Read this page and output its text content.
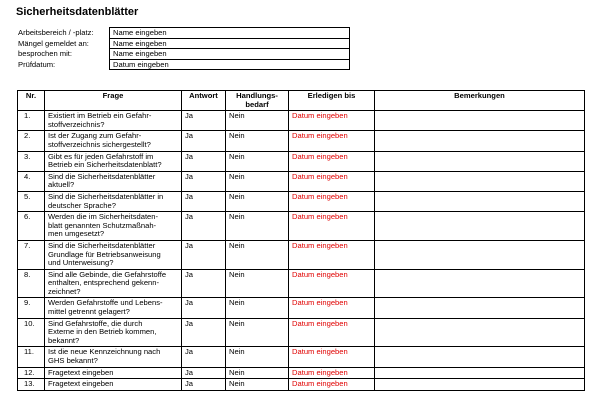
Sicherheitsdatenblätter
Arbeitsbereich / -platz:	Name eingeben
Mängel gemeldet an:	Name eingeben
besprochen mit:	Name eingeben
Prüfdatum:	Datum eingeben
Nr.	Frage	Antwort	Handlungs-
bedarf	Erledigen bis	Bemerkungen
1.	Existiert im Betrieb ein Gefahr-
stoffverzeichnis?	Ja	Nein	Datum eingeben	
2.	Ist der Zugang zum Gefahr-
stoffverzeichnis sichergestellt?	Ja	Nein	Datum eingeben	
3.	Gibt es für jeden Gefahrstoff im
Betrieb ein Sicherheitsdatenblatt?	Ja	Nein	Datum eingeben	
4.	Sind die Sicherheitsdatenblätter
aktuell?	Ja	Nein	Datum eingeben	
5.	Sind die Sicherheitsdatenblätter in
deutscher Sprache?	Ja	Nein	Datum eingeben	
6.	Werden die im Sicherheitsdaten-
blatt genannten Schutzmaßnah-
men umgesetzt?	Ja	Nein	Datum eingeben	
7.	Sind die Sicherheitsdatenblätter
Grundlage für Betriebsanweisung
und Unterweisung?	Ja	Nein	Datum eingeben	
8.	Sind alle Gebinde, die Gefahrstoffe
enthalten, entsprechend gekenn-
zeichnet?	Ja	Nein	Datum eingeben	
9.	Werden Gefahrstoffe und Lebens-
mittel getrennt gelagert?	Ja	Nein	Datum eingeben	
10.	Sind Gefahrstoffe, die durch
Externe in den Betrieb kommen,
bekannt?	Ja	Nein	Datum eingeben	
11.	Ist die neue Kennzeichnung nach
GHS bekannt?	Ja	Nein	Datum eingeben	
12.	Fragetext eingeben	Ja	Nein	Datum eingeben	
13.	Fragetext eingeben	Ja	Nein	Datum eingeben	
